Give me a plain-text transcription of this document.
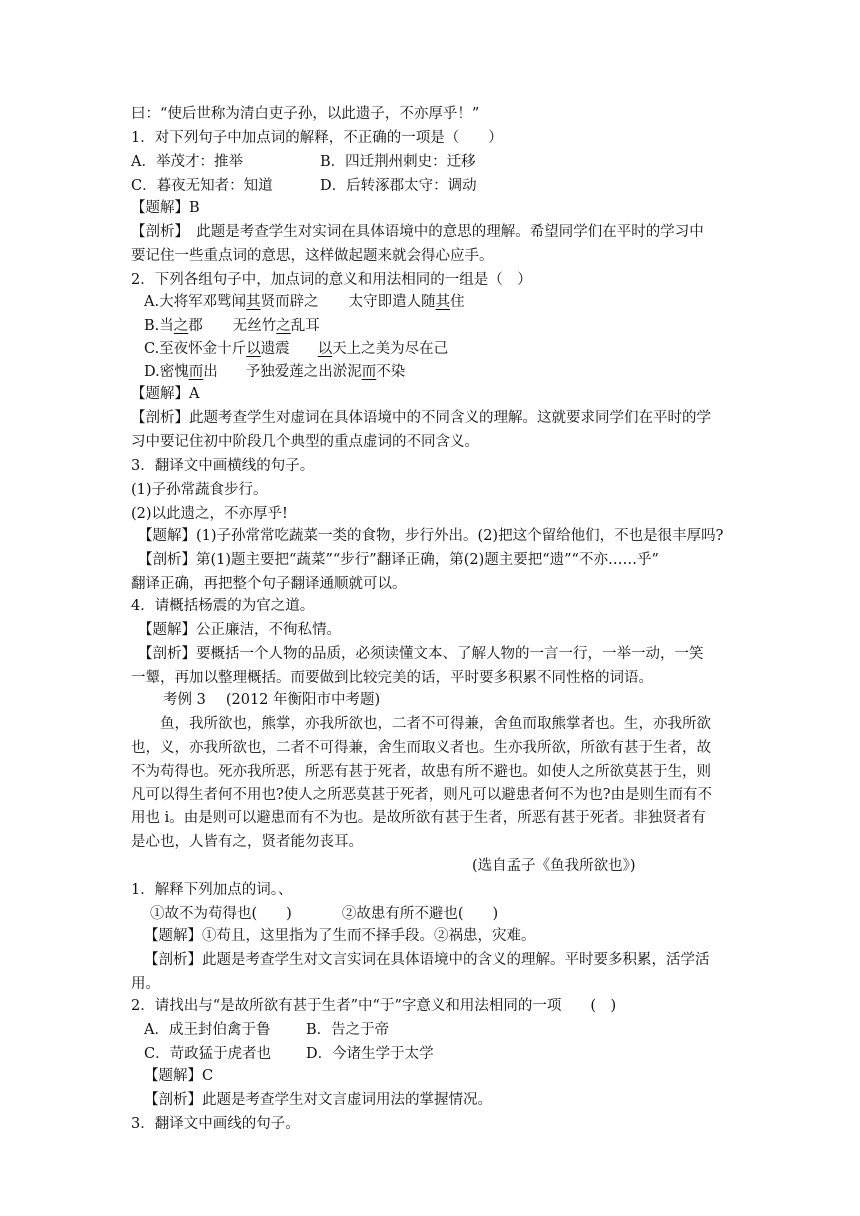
曰：“使后世称为清白吏子孙，以此遗子，不亦厚乎！”
1．对下列句子中加点词的解释，不正确的一项是（　　）
A．举茂才：推举	B．四迁荆州刺史：迁移
C．暮夜无知者：知道	D．后转涿郡太守：调动
【题解】B
【剖析】　此题是考查学生对实词在具体语境中的意思的理解。希望同学们在平时的学习中
要记住一些重点词的意思，这样做起题来就会得心应手。
2．下列各组句子中，加点词的意义和用法相同的一组是（　）
A.大将军邓骘闻其贤而辟之 太守即遣人随其住
B.当之郡 无丝竹之乱耳
C.至夜怀金十斤以遗震 以天上之美为尽在己
D.密愧而出 予独爱莲之出淤泥而不染
【题解】A
【剖析】此题考查学生对虚词在具体语境中的不同含义的理解。这就要求同学们在平时的学
习中要记住初中阶段几个典型的重点虚词的不同含义。
3．翻译文中画横线的句子。
(1)子孙常蔬食步行。
(2)以此遗之，不亦厚乎!
【题解】(1)子孙常常吃蔬菜一类的食物，步行外出。(2)把这个留给他们，不也是很丰厚吗?
【剖析】第(1)题主要把“蔬菜”“步行”翻译正确，第(2)题主要把“遗”“不亦……乎”
翻译正确，再把整个句子翻译通顺就可以。
4．请概括杨震的为官之道。
【题解】公正廉洁，不徇私情。
【剖析】要概括一个人物的品质，必须读懂文本、了解人物的一言一行，一举一动，一笑
一颦，再加以整理概括。而要做到比较完美的话，平时要多积累不同性格的词语。
考例 3 (2012 年衡阳市中考题)
鱼，我所欲也，熊掌，亦我所欲也，二者不可得兼，舍鱼而取熊掌者也。生，亦我所欲
也，义，亦我所欲也，二者不可得兼，舍生而取义者也。生亦我所欲，所欲有甚于生者，故
不为苟得也。死亦我所恶，所恶有甚于死者，故患有所不避也。如使人之所欲莫甚于生，则
凡可以得生者何不用也?使人之所恶莫甚于死者，则凡可以避患者何不为也?由是则生而有不
用也 i。由是则可以避患而有不为也。是故所欲有甚于生者，所恶有甚于死者。非独贤者有
是心也，人皆有之，贤者能勿丧耳。
(选自孟子《鱼我所欲也》)
1．解释下列加点的词。、
①故不为苟得也(　　)	②故患有所不避也(　　)
【题解】①苟且，这里指为了生而不择手段。②祸患，灾难。
【剖析】此题是考查学生对文言实词在具体语境中的含义的理解。平时要多积累，活学活
用。
2．请找出与“是故所欲有甚于生者”中“于”字意义和用法相同的一项　　(　)
A．成王封伯禽于鲁 B．告之于帝
C．苛政猛于虎者也 D．今诸生学于太学
【题解】C
【剖析】此题是考查学生对文言虚词用法的掌握情况。
3．翻译文中画线的句子。
